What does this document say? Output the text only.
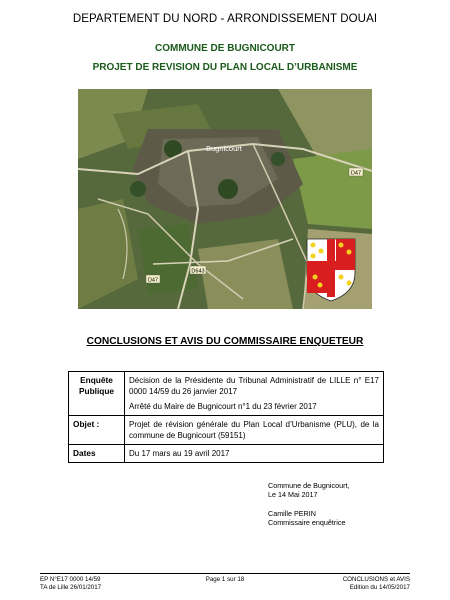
DEPARTEMENT DU NORD - ARRONDISSEMENT DOUAI
COMMUNE DE BUGNICOURT
PROJET DE REVISION DU PLAN LOCAL D’URBANISME
D47
D643
D47
Bugnicourt
CONCLUSIONS ET AVIS DU COMMISSAIRE ENQUETEUR
Enquête Publique	Décision de la Présidente du Tribunal Administratif de LILLE n° E17 0000 14/59 du 26 janvier 2017

Arrêté du Maire de Bugnicourt n°1 du 23 février 2017

Objet :	Projet de révision générale du Plan Local d’Urbanisme (PLU), de la commune de Bugnicourt (59151)

Dates	Du 17 mars au 19 avril 2017

Commune de Bugnicourt,
Le 14 Mai 2017
Camille PERIN
Commissaire enquêtrice
EP N°E17 0000 14/59
TA de Lille 26/01/2017
Page 1 sur 18	CONCLUSIONS et AVIS
Edition du 14/05/2017
